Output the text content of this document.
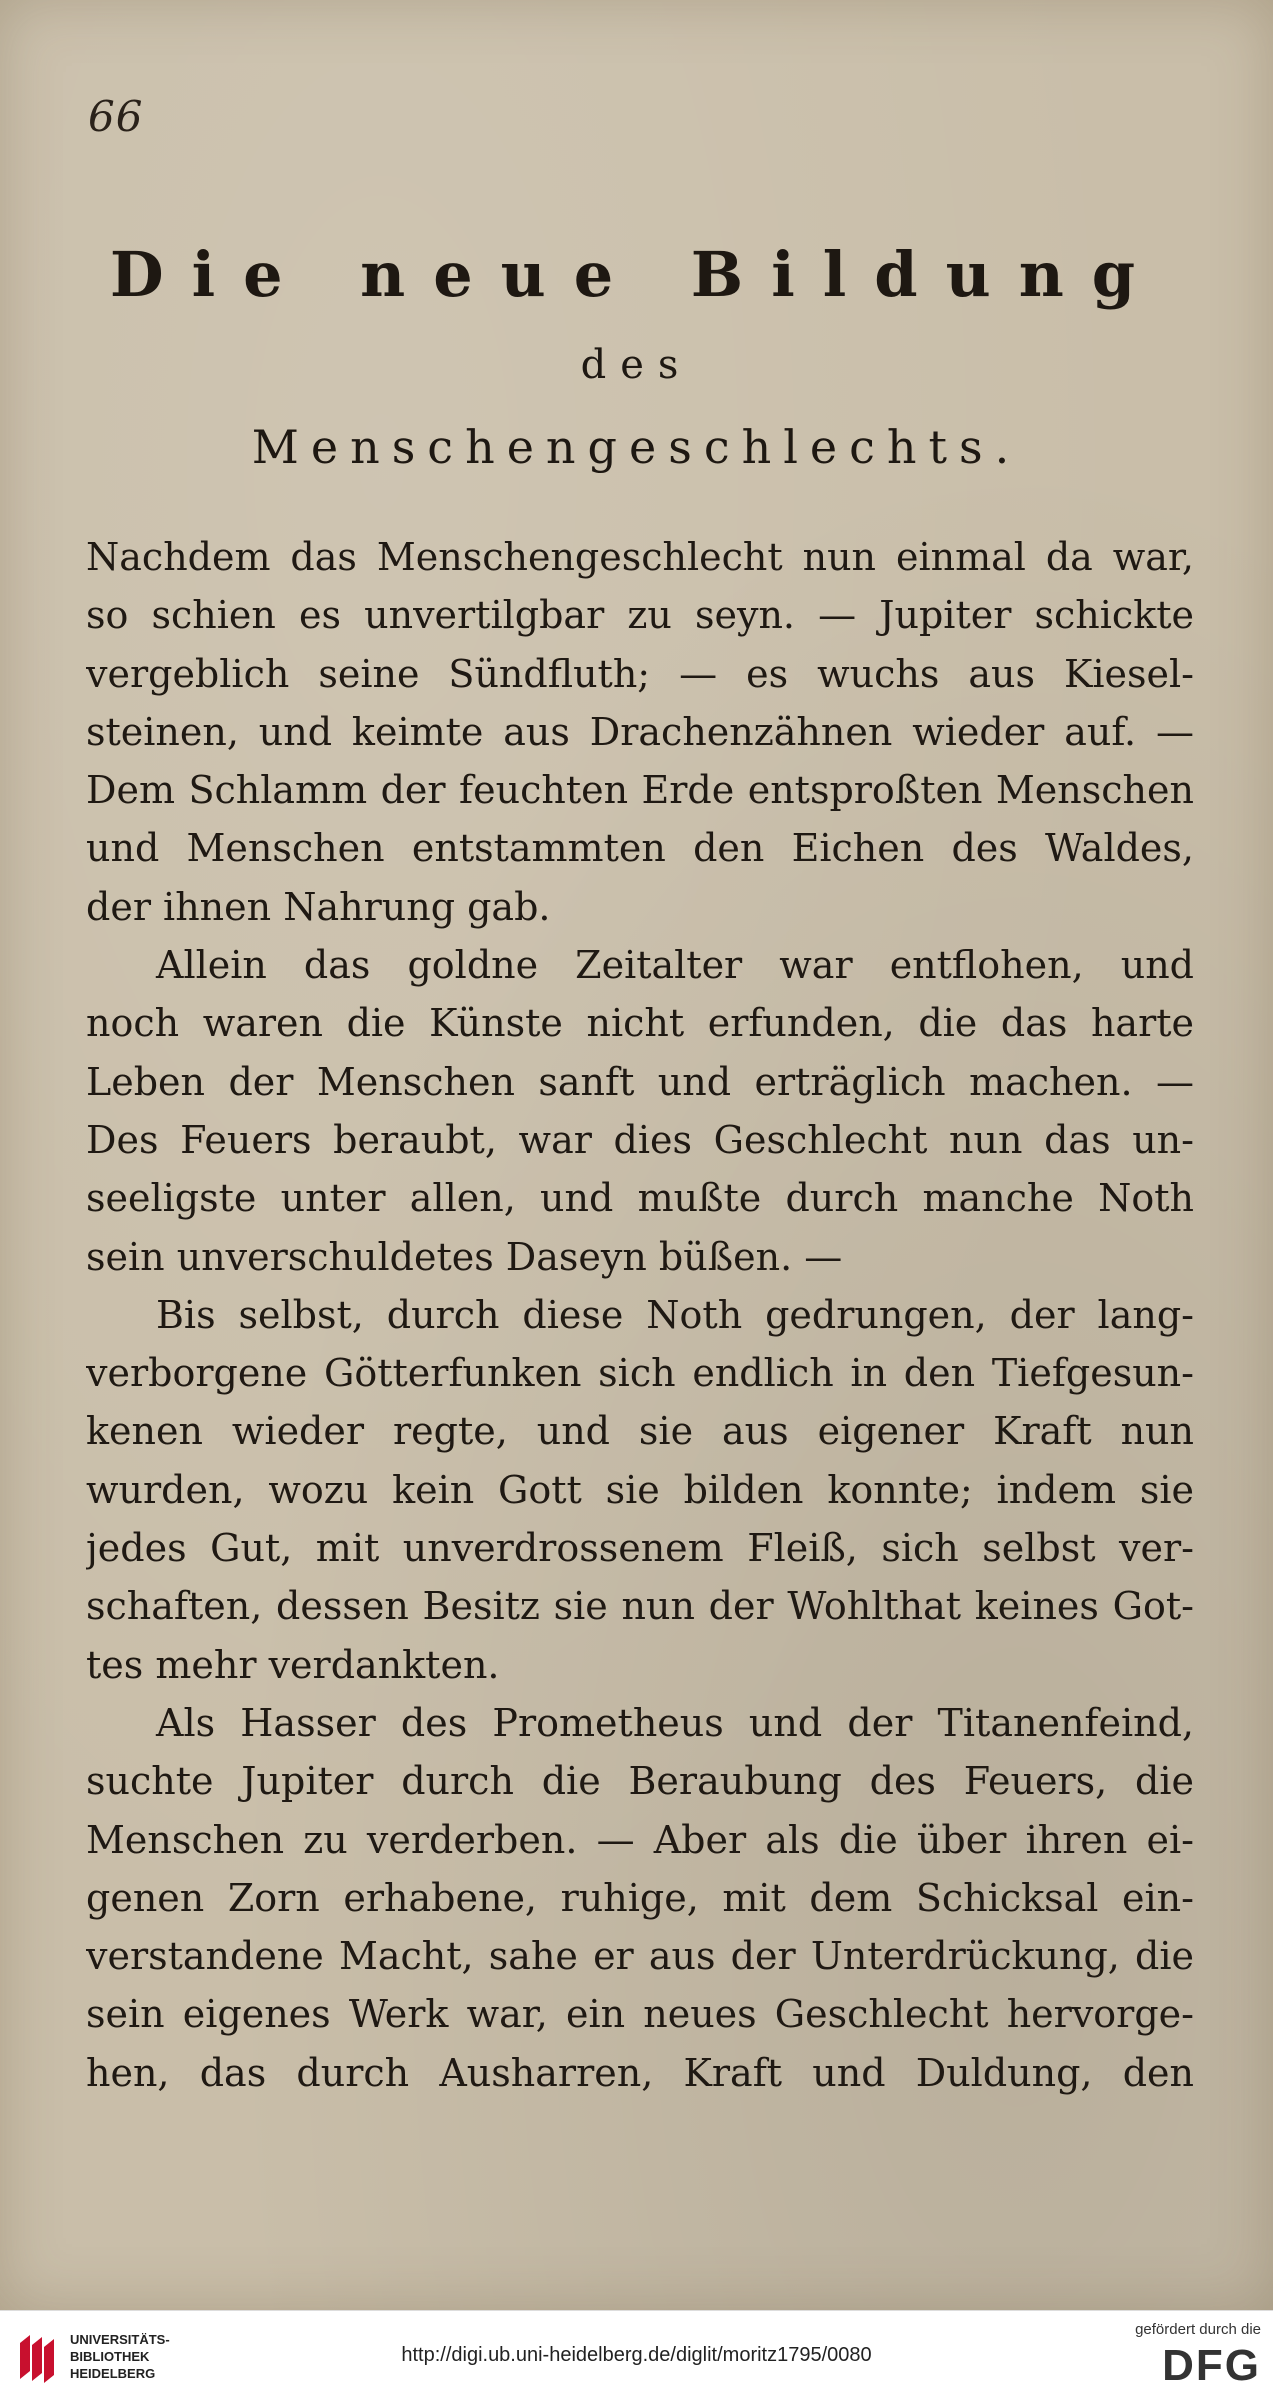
66
Die neue Bildung
des
Menschengeschlechts.
Nachdem das Menschengeschlecht nun einmal da war,
so schien es unvertilgbar zu seyn. — Jupiter schickte
vergeblich seine Sündfluth; — es wuchs aus Kiesel-
steinen, und keimte aus Drachenzähnen wieder auf. —
Dem Schlamm der feuchten Erde entsproßten Menschen
und Menschen entstammten den Eichen des Waldes,
der ihnen Nahrung gab.
Allein das goldne Zeitalter war entflohen, und
noch waren die Künste nicht erfunden, die das harte
Leben der Menschen sanft und erträglich machen. —
Des Feuers beraubt, war dies Geschlecht nun das un-
seeligste unter allen, und mußte durch manche Noth
sein unverschuldetes Daseyn büßen. —
Bis selbst, durch diese Noth gedrungen, der lang-
verborgene Götterfunken sich endlich in den Tiefgesun-
kenen wieder regte, und sie aus eigener Kraft nun
wurden, wozu kein Gott sie bilden konnte; indem sie
jedes Gut, mit unverdrossenem Fleiß, sich selbst ver-
schaften, dessen Besitz sie nun der Wohlthat keines Got-
tes mehr verdankten.
Als Hasser des Prometheus und der Titanenfeind,
suchte Jupiter durch die Beraubung des Feuers, die
Menschen zu verderben. — Aber als die über ihren ei-
genen Zorn erhabene, ruhige, mit dem Schicksal ein-
verstandene Macht, sahe er aus der Unterdrückung, die
sein eigenes Werk war, ein neues Geschlecht hervorge-
hen, das durch Ausharren, Kraft und Duldung, den
UNIVERSITÄTS-
BIBLIOTHEK
HEIDELBERG
http://digi.ub.uni-heidelberg.de/diglit/moritz1795/0080
gefördert durch die
DFG
